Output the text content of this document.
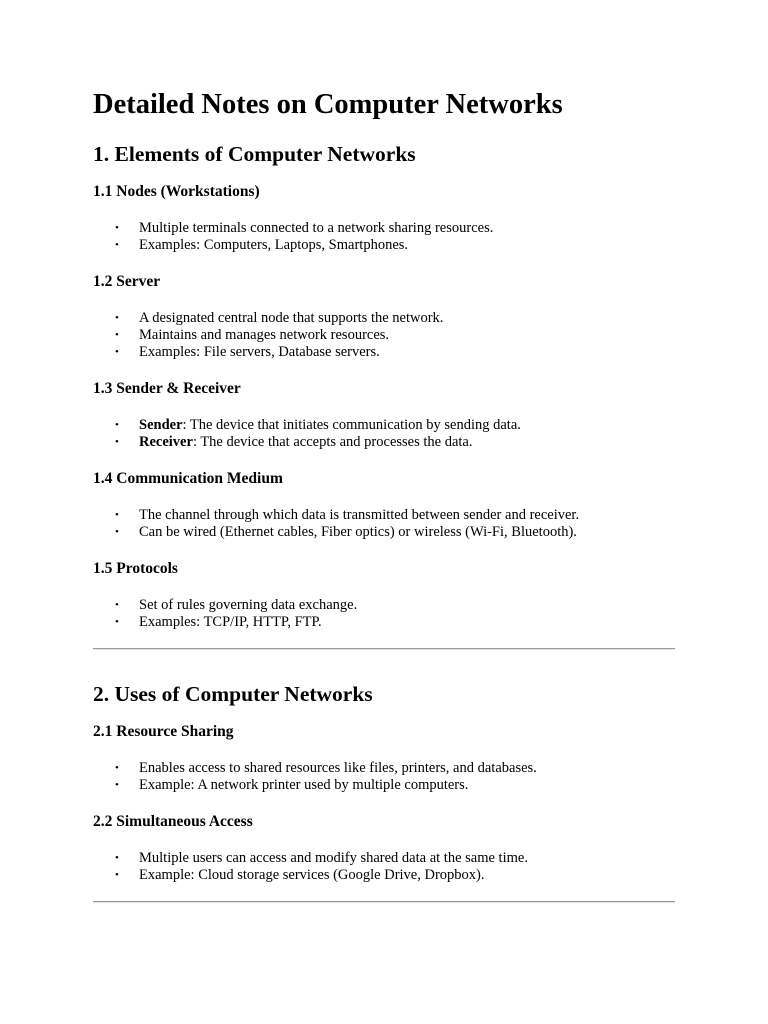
Detailed Notes on Computer Networks
1. Elements of Computer Networks
1.1 Nodes (Workstations)
• Multiple terminals connected to a network sharing resources.
• Examples: Computers, Laptops, Smartphones.
1.2 Server
• A designated central node that supports the network.
• Maintains and manages network resources.
• Examples: File servers, Database servers.
1.3 Sender & Receiver
• Sender: The device that initiates communication by sending data.
• Receiver: The device that accepts and processes the data.
1.4 Communication Medium
• The channel through which data is transmitted between sender and receiver.
• Can be wired (Ethernet cables, Fiber optics) or wireless (Wi-Fi, Bluetooth).
1.5 Protocols
• Set of rules governing data exchange.
• Examples: TCP/IP, HTTP, FTP.
2. Uses of Computer Networks
2.1 Resource Sharing
• Enables access to shared resources like files, printers, and databases.
• Example: A network printer used by multiple computers.
2.2 Simultaneous Access
• Multiple users can access and modify shared data at the same time.
• Example: Cloud storage services (Google Drive, Dropbox).
